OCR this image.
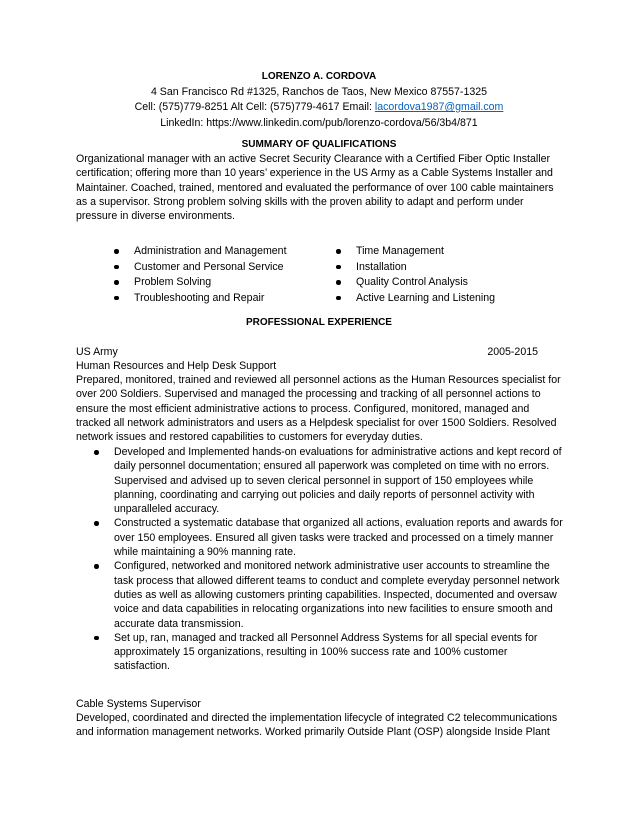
LORENZO A. CORDOVA
4 San Francisco Rd #1325, Ranchos de Taos, New Mexico 87557-1325
Cell: (575)779-8251 Alt Cell: (575)779-4617 Email: lacordova1987@gmail.com
LinkedIn: https://www.linkedin.com/pub/lorenzo-cordova/56/3b4/871
SUMMARY OF QUALIFICATIONS
Organizational manager with an active Secret Security Clearance with a Certified Fiber Optic Installer certification; offering more than 10 years’ experience in the US Army as a Cable Systems Installer and Maintainer. Coached, trained, mentored and evaluated the performance of over 100 cable maintainers as a supervisor. Strong problem solving skills with the proven ability to adapt and perform under pressure in diverse environments.
Administration and Management
Customer and Personal Service
Problem Solving
Troubleshooting and Repair
Time Management
Installation
Quality Control Analysis
Active Learning and Listening
PROFESSIONAL EXPERIENCE
US Army	2005-2015
Human Resources and Help Desk Support
Prepared, monitored, trained and reviewed all personnel actions as the Human Resources specialist for over 200 Soldiers. Supervised and managed the processing and tracking of all personnel actions to ensure the most efficient administrative actions to process. Configured, monitored, managed and tracked all network administrators and users as a Helpdesk specialist for over 1500 Soldiers. Resolved network issues and restored capabilities to customers for everyday duties.
Developed and Implemented hands-on evaluations for administrative actions and kept record of daily personnel documentation; ensured all paperwork was completed on time with no errors. Supervised and advised up to seven clerical personnel in support of 150 employees while planning, coordinating and carrying out policies and daily reports of personnel activity with unparalleled accuracy.
Constructed a systematic database that organized all actions, evaluation reports and awards for over 150 employees. Ensured all given tasks were tracked and processed on a timely manner while maintaining a 90% manning rate.
Configured, networked and monitored network administrative user accounts to streamline the task process that allowed different teams to conduct and complete everyday personnel network duties as well as allowing customers printing capabilities. Inspected, documented and oversaw voice and data capabilities in relocating organizations into new facilities to ensure smooth and accurate data transmission.
Set up, ran, managed and tracked all Personnel Address Systems for all special events for approximately 15 organizations, resulting in 100% success rate and 100% customer satisfaction.
Cable Systems Supervisor
Developed, coordinated and directed the implementation lifecycle of integrated C2 telecommunications and information management networks. Worked primarily Outside Plant (OSP) alongside Inside Plant
